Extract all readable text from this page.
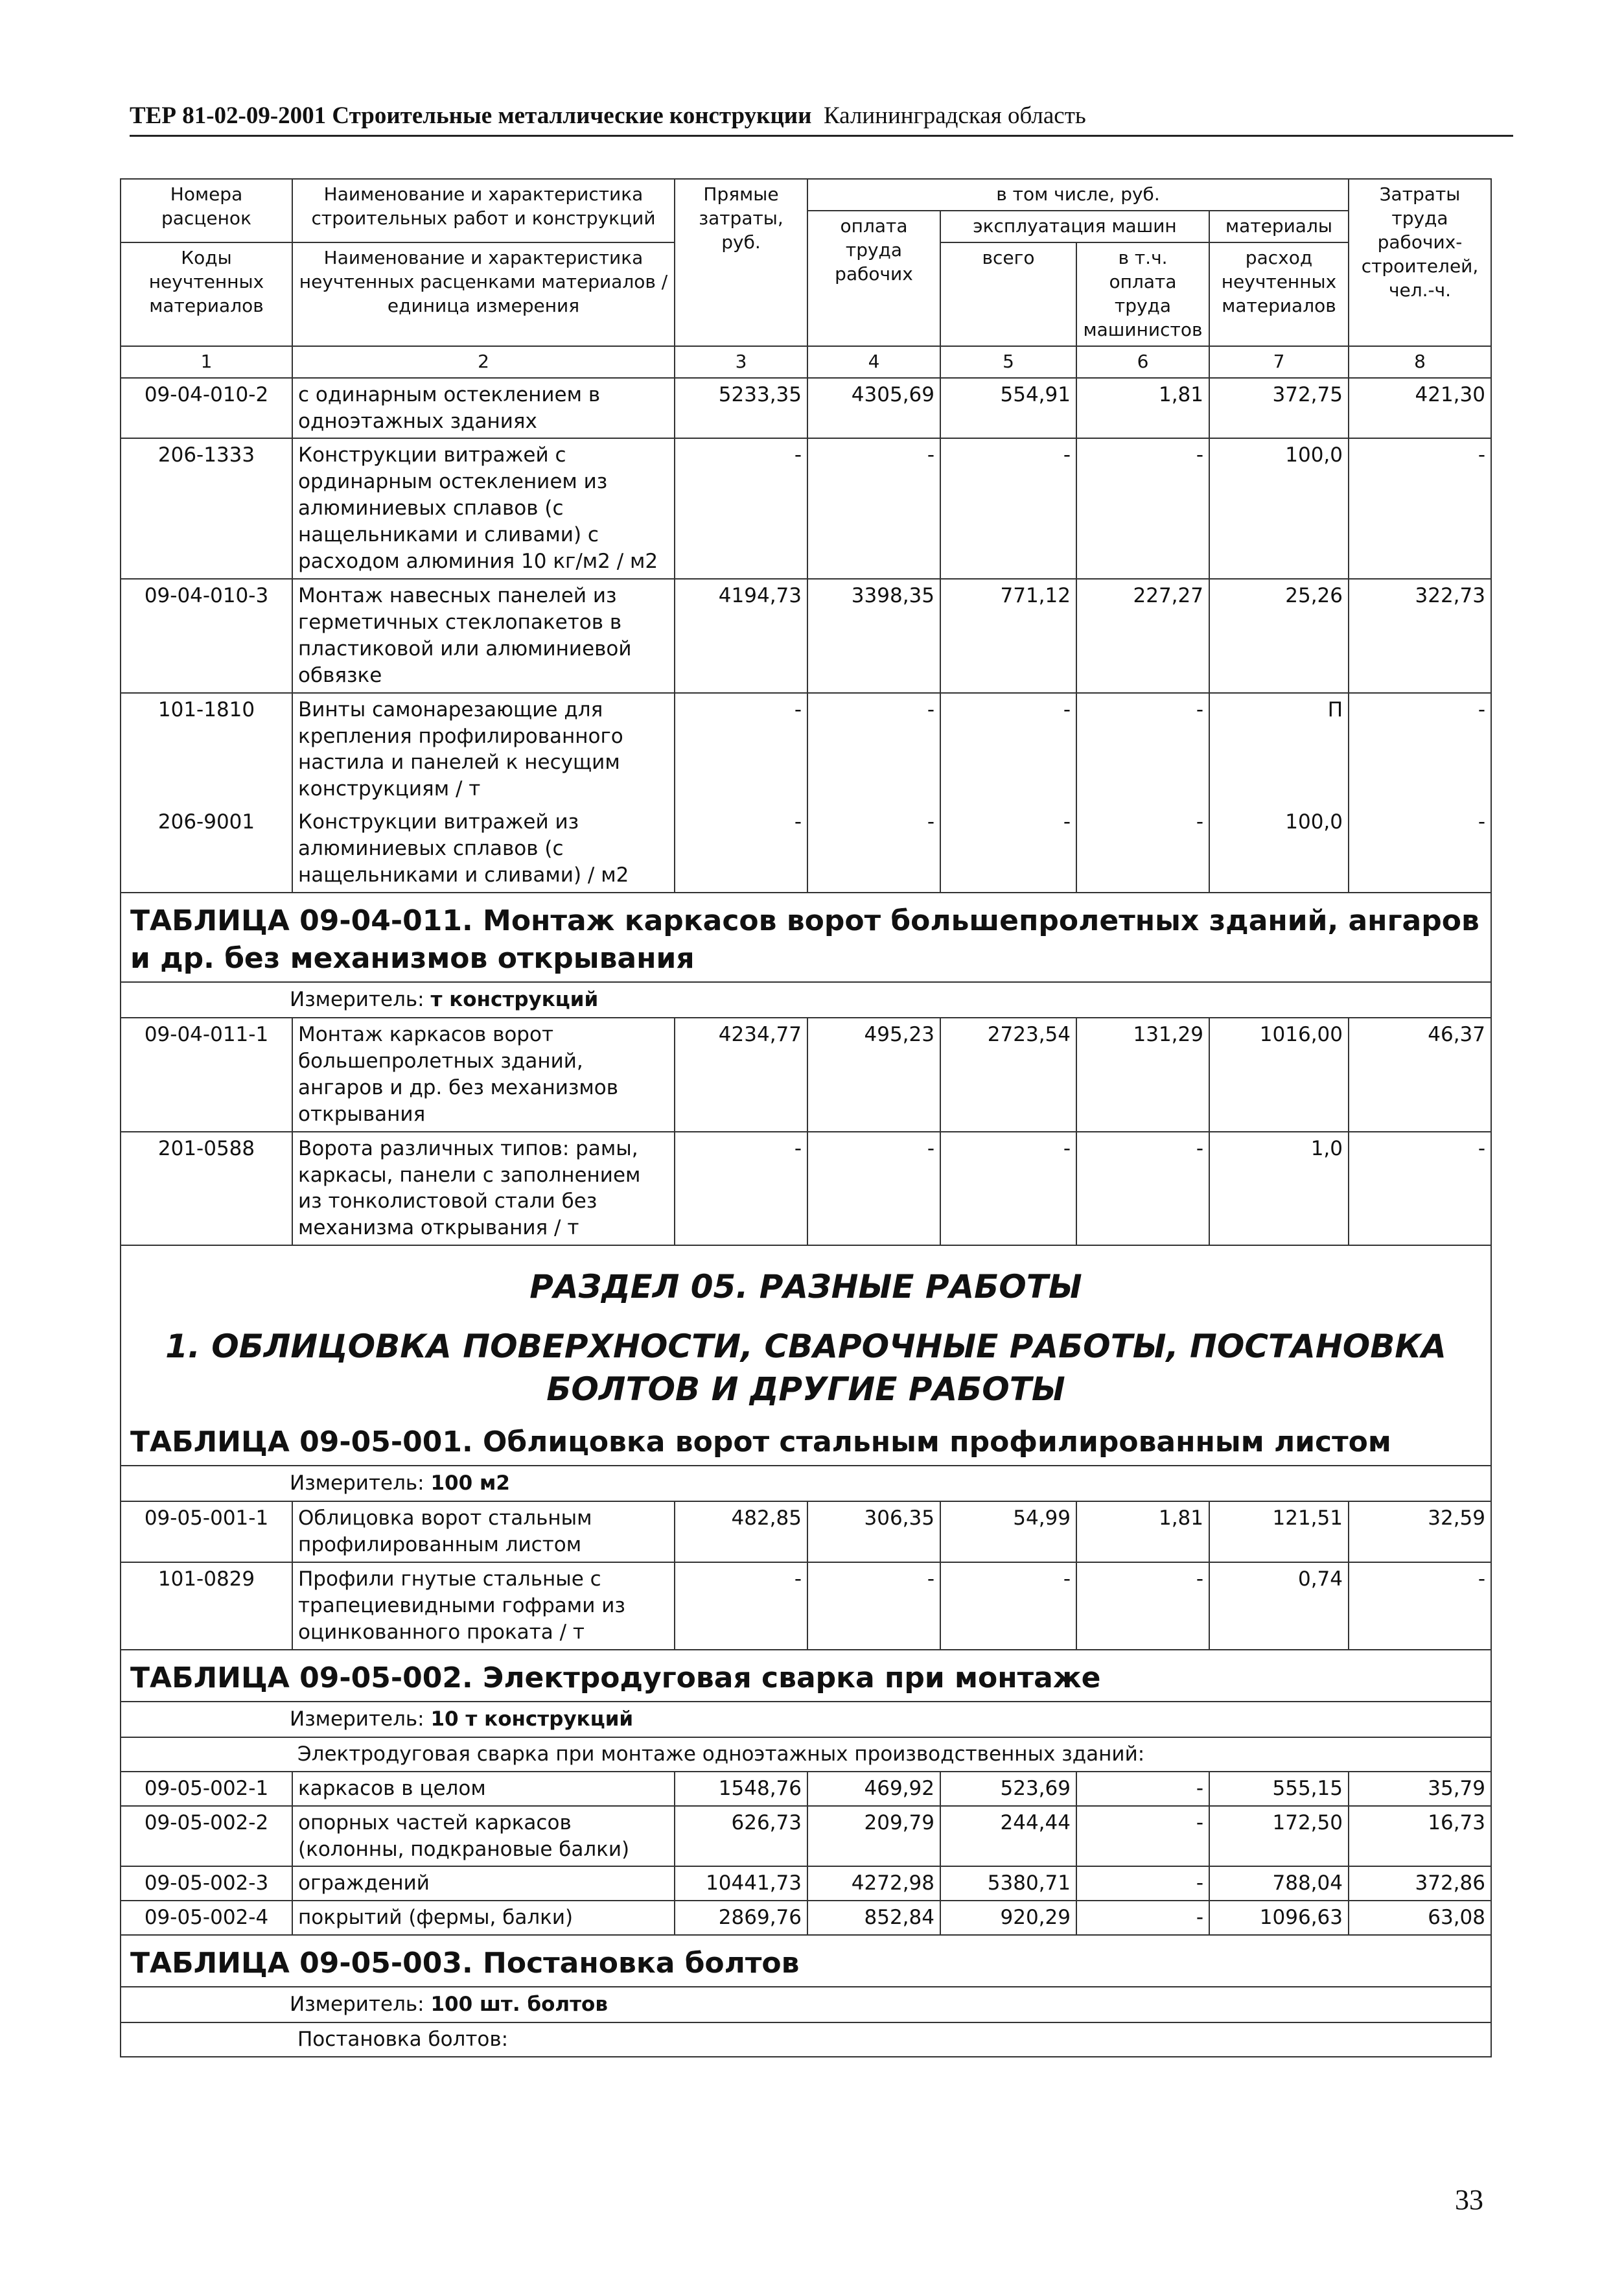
ТЕР 81-02-09-2001 Строительные металлические конструкции Калининградская область
Номера расценок	Наименование и характеристика строительных работ и конструкций	Прямые затраты, руб.	в том числе, руб.				Затраты труда рабочих-строителей, чел.-ч.
			оплата труда рабочих	эксплуатация машин		материалы	
Коды неучтенных материалов	Наименование и характеристика неучтенных расценками материалов / единица измерения			всего	в т.ч. оплата труда машинистов	расход неучтенных материалов	

1	2	3	4	5	6	7	8
09-04-010-2	с одинарным остеклением в одноэтажных зданиях	5233,35	4305,69	554,91	1,81	372,75	421,30
206-1333	Конструкции витражей с ординарным остеклением из алюминиевых сплавов (с нащельниками и сливами) с расходом алюминия 10 кг/м2 / м2	-	-	-	-	100,0	-
09-04-010-3	Монтаж навесных панелей из герметичных стеклопакетов в пластиковой или алюминиевой обвязке	4194,73	3398,35	771,12	227,27	25,26	322,73
101-1810	Винты самонарезающие для крепления профилированного настила и панелей к несущим конструкциям / т	-	-	-	-	П	-
206-9001	Конструкции витражей из алюминиевых сплавов (с нащельниками и сливами) / м2	-	-	-	-	100,0	-
ТАБЛИЦА 09-04-011. Монтаж каркасов ворот большепролетных зданий, ангаров и др. без механизмов открывания							
Измеритель: т конструкций							
09-04-011-1	Монтаж каркасов ворот большепролетных зданий, ангаров и др. без механизмов открывания	4234,77	495,23	2723,54	131,29	1016,00	46,37
201-0588	Ворота различных типов: рамы, каркасы, панели с заполнением из тонколистовой стали без механизма открывания / т	-	-	-	-	1,0	-
РАЗДЕЛ 05. РАЗНЫЕ РАБОТЫ							
1. ОБЛИЦОВКА ПОВЕРХНОСТИ, СВАРОЧНЫЕ РАБОТЫ, ПОСТАНОВКА БОЛТОВ И ДРУГИЕ РАБОТЫ							
ТАБЛИЦА 09-05-001. Облицовка ворот стальным профилированным листом							
Измеритель: 100 м2							
09-05-001-1	Облицовка ворот стальным профилированным листом	482,85	306,35	54,99	1,81	121,51	32,59
101-0829	Профили гнутые стальные с трапециевидными гофрами из оцинкованного проката / т	-	-	-	-	0,74	-
ТАБЛИЦА 09-05-002. Электродуговая сварка при монтаже							
Измеритель: 10 т конструкций							
	Электродуговая сварка при монтаже одноэтажных производственных зданий:						
09-05-002-1	каркасов в целом	1548,76	469,92	523,69	-	555,15	35,79
09-05-002-2	опорных частей каркасов (колонны, подкрановые балки)	626,73	209,79	244,44	-	172,50	16,73
09-05-002-3	ограждений	10441,73	4272,98	5380,71	-	788,04	372,86
09-05-002-4	покрытий (фермы, балки)	2869,76	852,84	920,29	-	1096,63	63,08
ТАБЛИЦА 09-05-003. Постановка болтов							
Измеритель: 100 шт. болтов							
	Постановка болтов:						
33
